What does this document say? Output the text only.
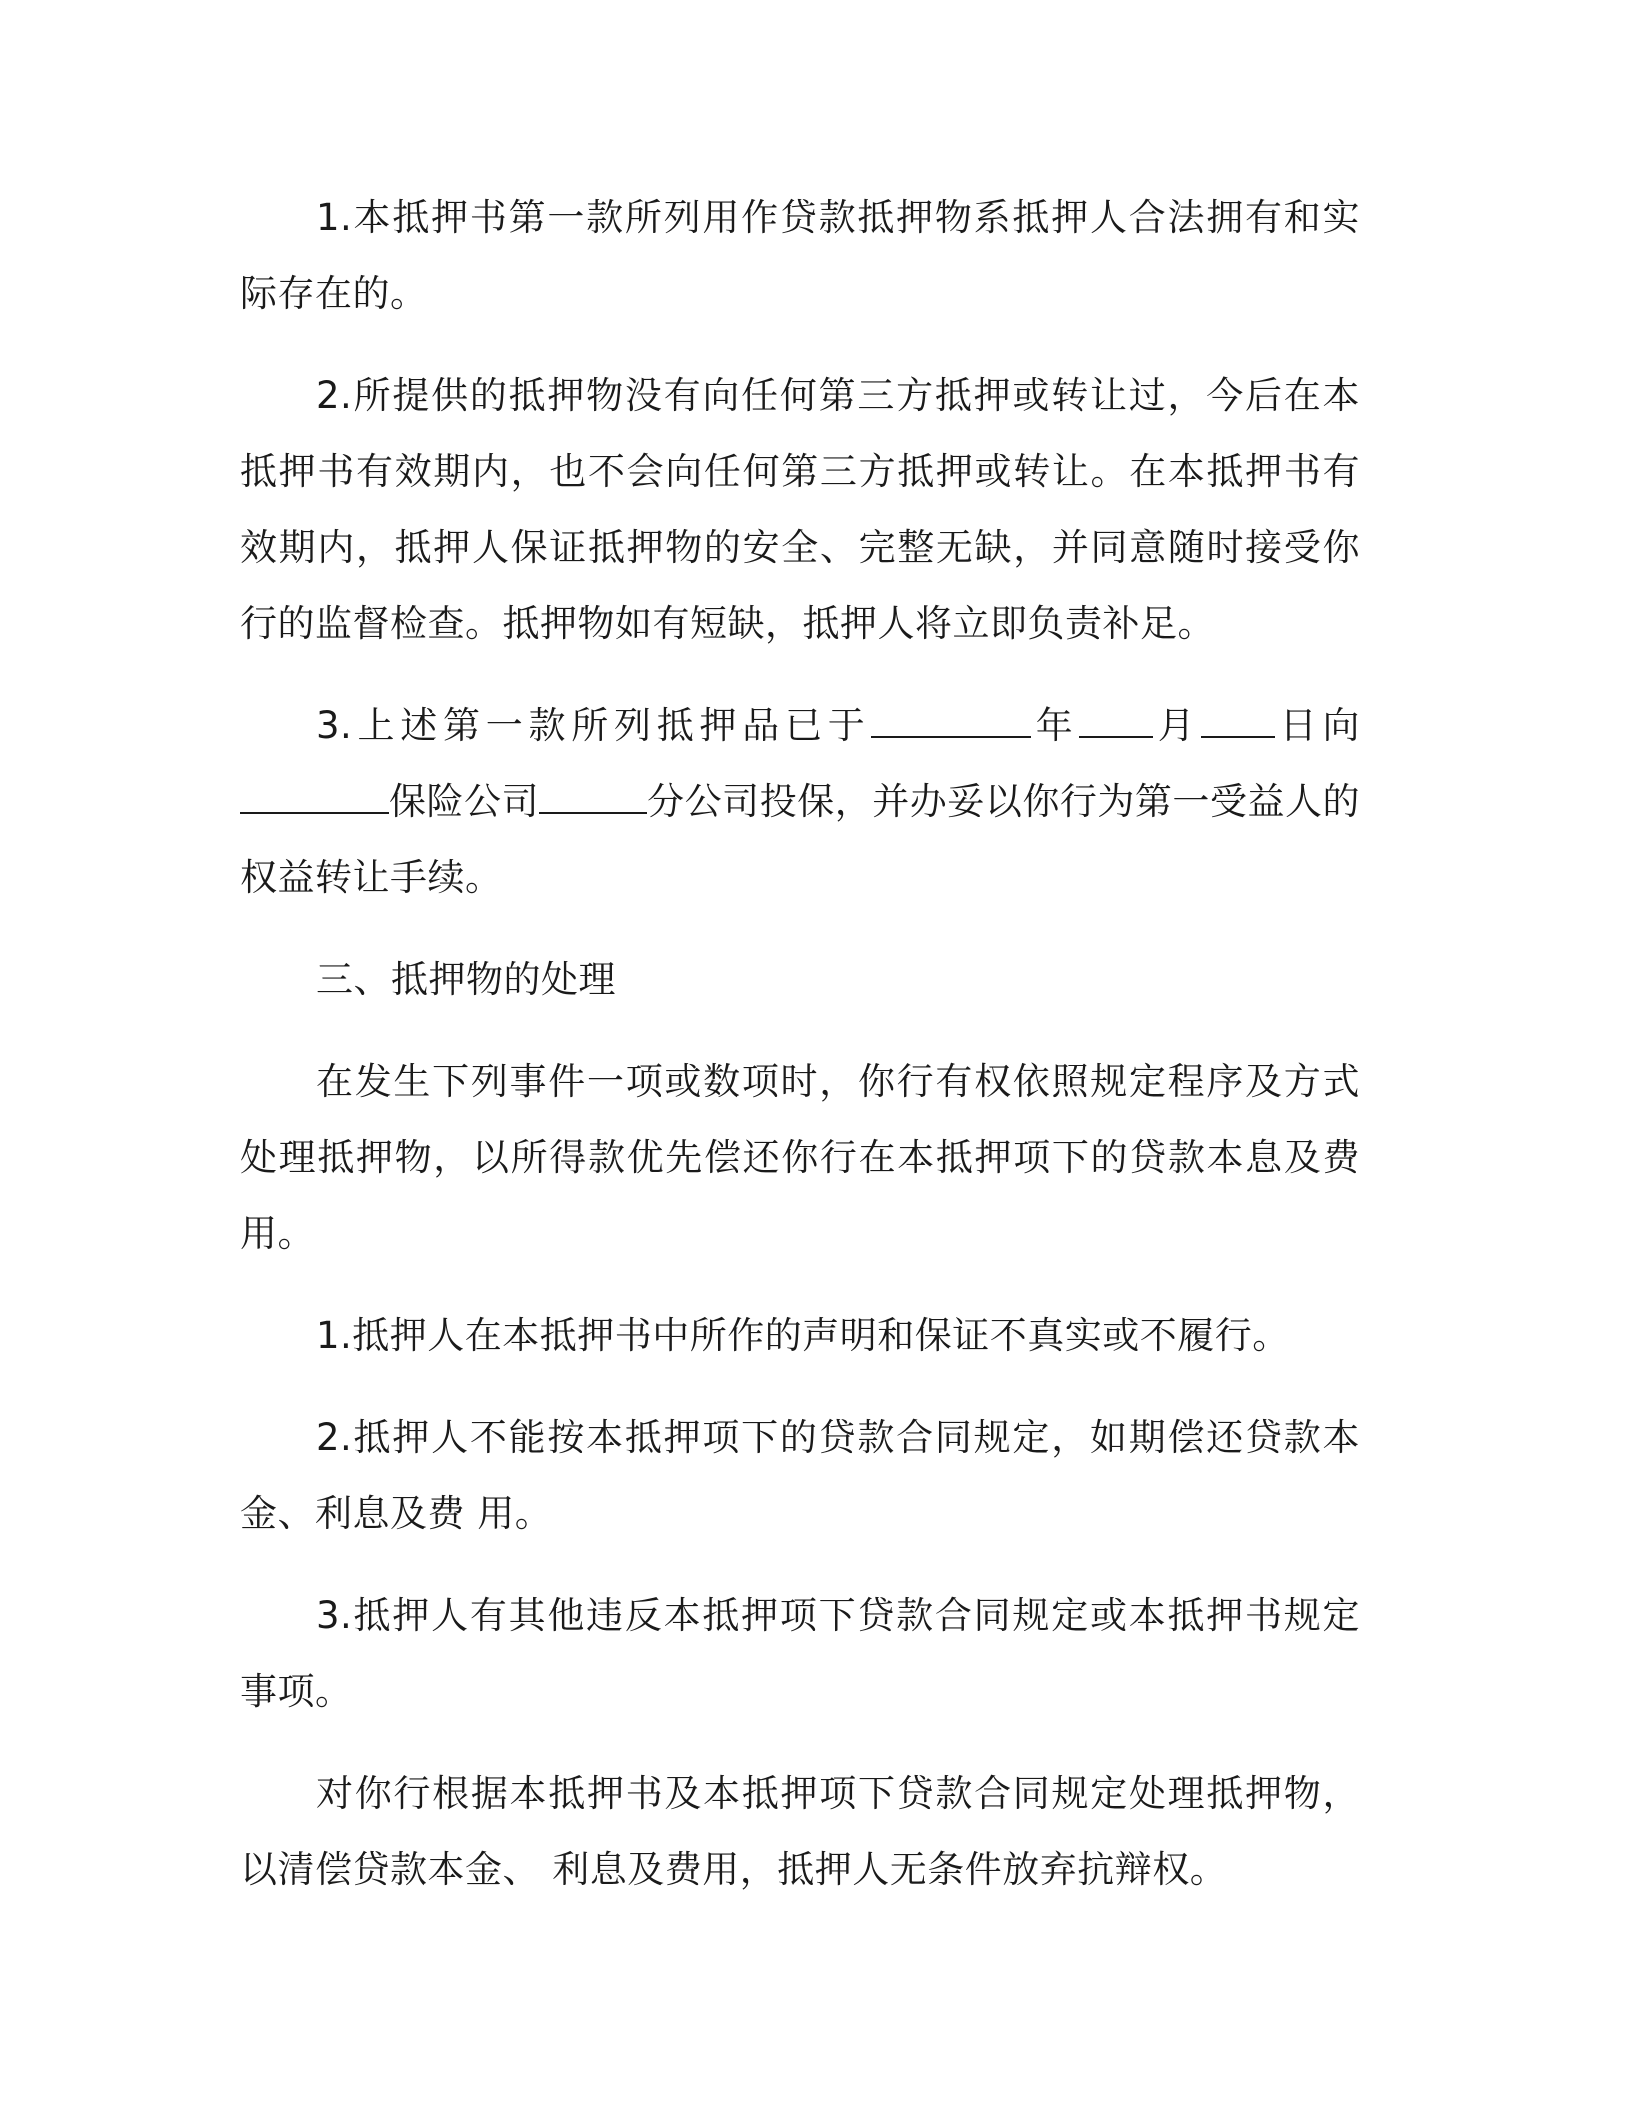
1.本抵押书第一款所列用作贷款抵押物系抵押人合法拥有和实际存在的。

2.所提供的抵押物没有向任何第三方抵押或转让过，今后在本抵押书有效期内，也不会向任何第三方抵押或转让。在本抵押书有效期内，抵押人保证抵押物的安全、完整无缺，并同意随时接受你行的监督检查。抵押物如有短缺，抵押人将立即负责补足。

3.上述第一款所列抵押品已于	年 月 日向保险公司	分公司投保，并办妥以你行为第一受益人的权益转让手续。

三、抵押物的处理

在发生下列事件一项或数项时，你行有权依照规定程序及方式处理抵押物，以所得款优先偿还你行在本抵押项下的贷款本息及费用。

1.抵押人在本抵押书中所作的声明和保证不真实或不履行。

2.抵押人不能按本抵押项下的贷款合同规定，如期偿还贷款本金、利息及费 用。

3.抵押人有其他违反本抵押项下贷款合同规定或本抵押书规定事项。

对你行根据本抵押书及本抵押项下贷款合同规定处理抵押物，以清偿贷款本金、 利息及费用，抵押人无条件放弃抗辩权。
